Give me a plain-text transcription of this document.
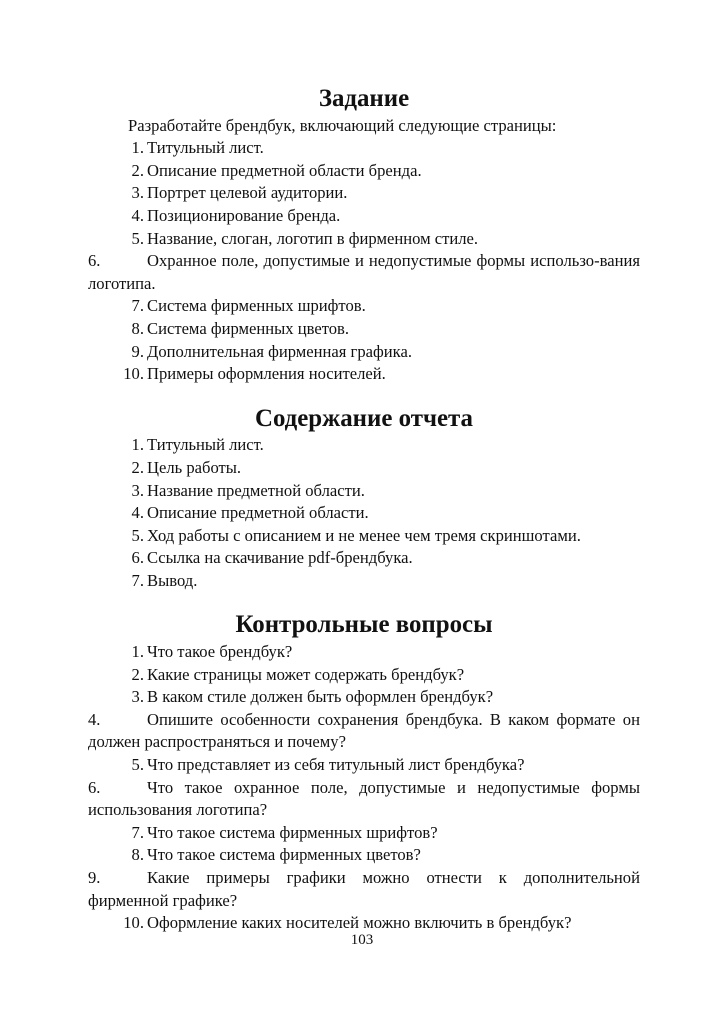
Задание

Разработайте брендбук, включающий следующие страницы:

1. Титульный лист.
2. Описание предметной области бренда.
3. Портрет целевой аудитории.
4. Позиционирование бренда.
5. Название, слоган, логотип в фирменном стиле.
6.	Охранное поле, допустимые и недопустимые формы использо-вания логотипа.
7. Система фирменных шрифтов.
8. Система фирменных цветов.
9. Дополнительная фирменная графика.
10. Примеры оформления носителей.
Содержание отчета
1. Титульный лист.
2. Цель работы.
3. Название предметной области.
4. Описание предметной области.
5. Ход работы с описанием и не менее чем тремя скриншотами.
6. Ссылка на скачивание pdf-брендбука.
7. Вывод.
Контрольные вопросы
1. Что такое брендбук?
2. Какие страницы может содержать брендбук?
3. В каком стиле должен быть оформлен брендбук?
4.	Опишите особенности сохранения брендбука. В каком формате он должен распространяться и почему?
5. Что представляет из себя титульный лист брендбука?
6.	Что такое охранное поле, допустимые и недопустимые формы использования логотипа?
7. Что такое система фирменных шрифтов?
8. Что такое система фирменных цветов?
9.	Какие примеры графики можно отнести к дополнительной фирменной графике?
10. Оформление каких носителей можно включить в брендбук?
103
